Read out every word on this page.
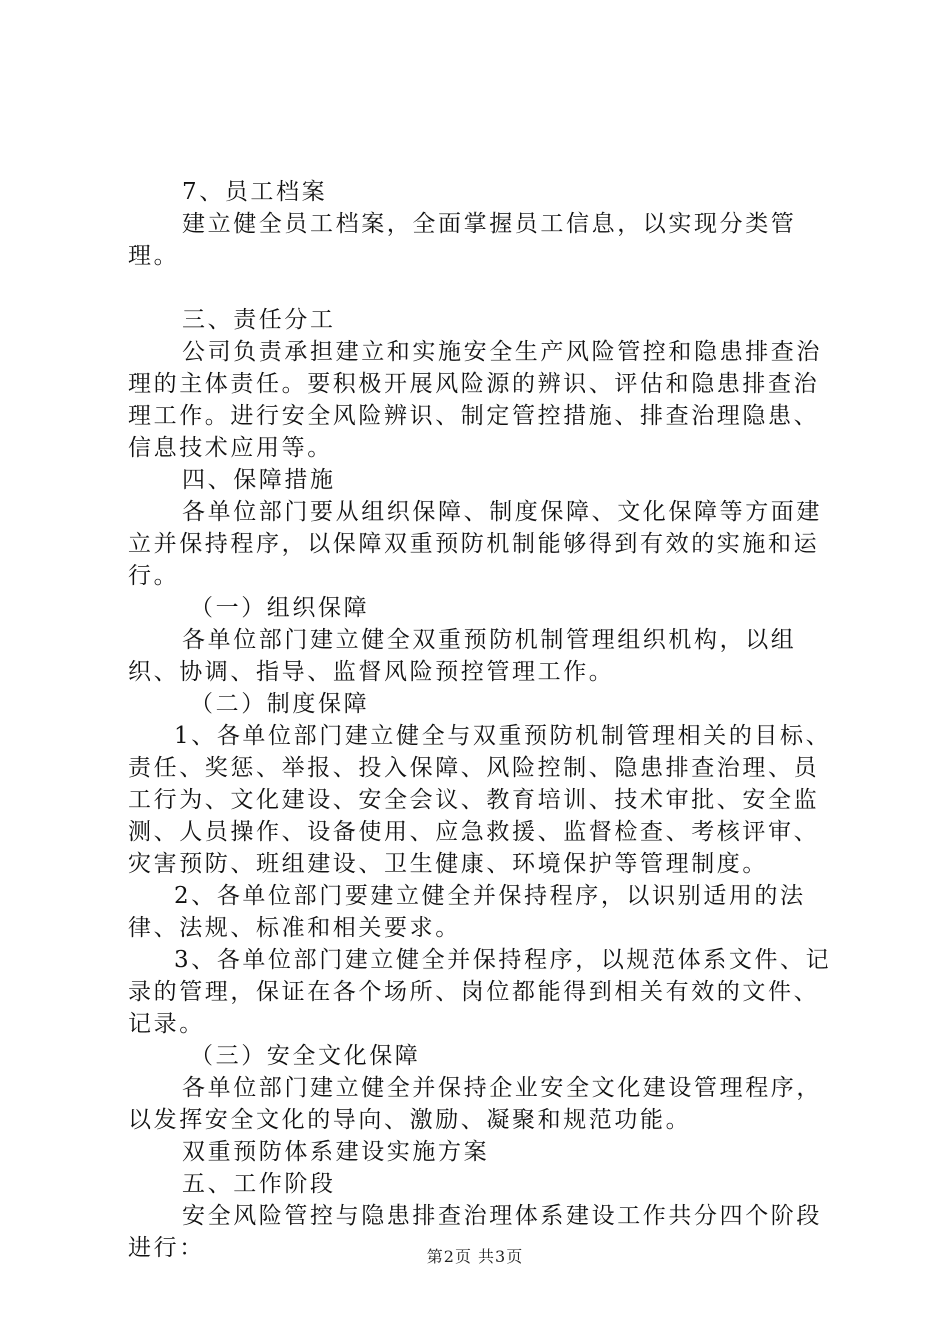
7、员工档案

建立健全员工档案，全面掌握员工信息，以实现分类管理。

三、责任分工

公司负责承担建立和实施安全生产风险管控和隐患排查治理的主体责任。要积极开展风险源的辨识、评估和隐患排查治理工作。进行安全风险辨识、制定管控措施、排查治理隐患、信息技术应用等。

四、保障措施

各单位部门要从组织保障、制度保障、文化保障等方面建立并保持程序，以保障双重预防机制能够得到有效的实施和运行。

（一）组织保障

各单位部门建立健全双重预防机制管理组织机构，以组织、协调、指导、监督风险预控管理工作。

（二）制度保障

1、各单位部门建立健全与双重预防机制管理相关的目标、责任、奖惩、举报、投入保障、风险控制、隐患排查治理、员工行为、文化建设、安全会议、教育培训、技术审批、安全监测、人员操作、设备使用、应急救援、监督检查、考核评审、灾害预防、班组建设、卫生健康、环境保护等管理制度。

2、各单位部门要建立健全并保持程序，以识别适用的法律、法规、标准和相关要求。

3、各单位部门建立健全并保持程序，以规范体系文件、记录的管理，保证在各个场所、岗位都能得到相关有效的文件、记录。

（三）安全文化保障

各单位部门建立健全并保持企业安全文化建设管理程序，以发挥安全文化的导向、激励、凝聚和规范功能。

双重预防体系建设实施方案

五、工作阶段

安全风险管控与隐患排查治理体系建设工作共分四个阶段进行：	第2页 共3页
